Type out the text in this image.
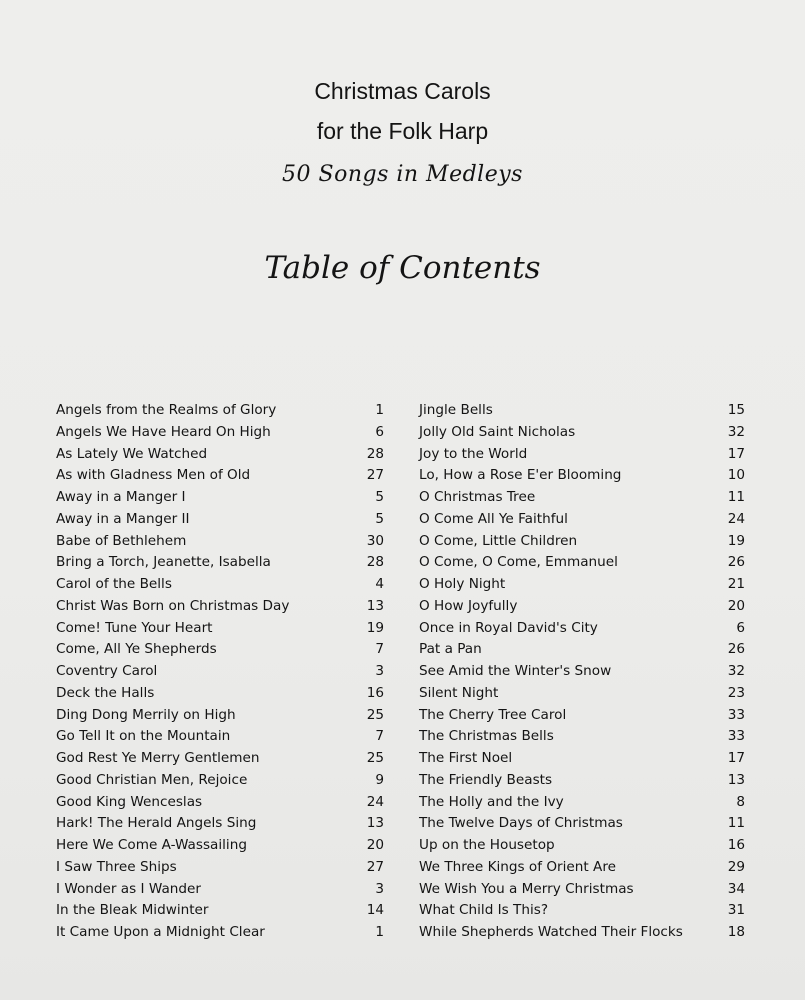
Christmas Carols
for the Folk Harp
50 Songs in Medleys
Table of Contents
Angels from the Realms of Glory	1
Angels We Have Heard On High	6
As Lately We Watched	28
As with Gladness Men of Old	27
Away in a Manger I	5
Away in a Manger II	5
Babe of Bethlehem	30
Bring a Torch, Jeanette, Isabella	28
Carol of the Bells	4
Christ Was Born on Christmas Day	13
Come! Tune Your Heart	19
Come, All Ye Shepherds	7
Coventry Carol	3
Deck the Halls	16
Ding Dong Merrily on High	25
Go Tell It on the Mountain	7
God Rest Ye Merry Gentlemen	25
Good Christian Men, Rejoice	9
Good King Wenceslas	24
Hark! The Herald Angels Sing	13
Here We Come A-Wassailing	20
I Saw Three Ships	27
I Wonder as I Wander	3
In the Bleak Midwinter	14
It Came Upon a Midnight Clear	1
Jingle Bells	15
Jolly Old Saint Nicholas	32
Joy to the World	17
Lo, How a Rose E'er Blooming	10
O Christmas Tree	11
O Come All Ye Faithful	24
O Come, Little Children	19
O Come, O Come, Emmanuel	26
O Holy Night	21
O How Joyfully	20
Once in Royal David's City	6
Pat a Pan	26
See Amid the Winter's Snow	32
Silent Night	23
The Cherry Tree Carol	33
The Christmas Bells	33
The First Noel	17
The Friendly Beasts	13
The Holly and the Ivy	8
The Twelve Days of Christmas	11
Up on the Housetop	16
We Three Kings of Orient Are	29
We Wish You a Merry Christmas	34
What Child Is This?	31
While Shepherds Watched Their Flocks	18
